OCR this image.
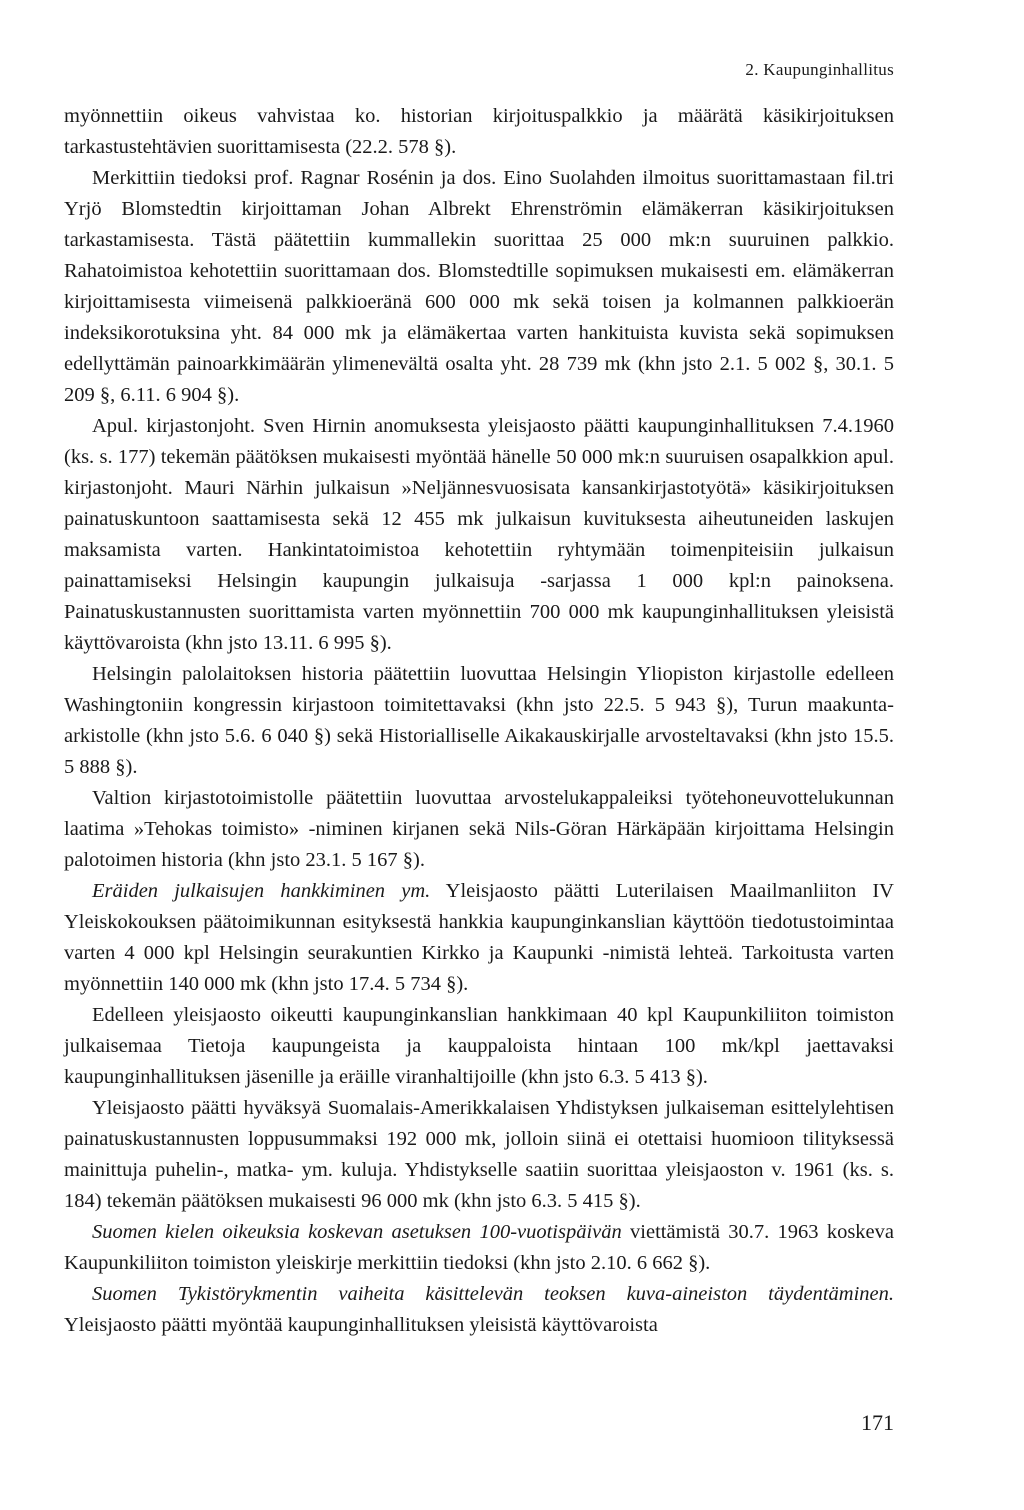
2. Kaupunginhallitus

myönnettiin oikeus vahvistaa ko. historian kirjoituspalkkio ja määrätä käsikirjoituksen tarkastustehtävien suorittamisesta (22.2. 578 §).

Merkittiin tiedoksi prof. Ragnar Rosénin ja dos. Eino Suolahden ilmoitus suorittamastaan fil.tri Yrjö Blomstedtin kirjoittaman Johan Albrekt Ehrenströmin elämäkerran käsikirjoituksen tarkastamisesta. Tästä päätettiin kummallekin suorittaa 25 000 mk:n suuruinen palkkio. Rahatoimistoa kehotettiin suorittamaan dos. Blomstedtille sopimuksen mukaisesti em. elämäkerran kirjoittamisesta viimeisenä palkkioeränä 600 000 mk sekä toisen ja kolmannen palkkioerän indeksikorotuksina yht. 84 000 mk ja elämäkertaa varten hankituista kuvista sekä sopimuksen edellyttämän painoarkkimäärän ylimenevältä osalta yht. 28 739 mk (khn jsto 2.1. 5 002 §, 30.1. 5 209 §, 6.11. 6 904 §).

Apul. kirjastonjoht. Sven Hirnin anomuksesta yleisjaosto päätti kaupunginhallituksen 7.4.1960 (ks. s. 177) tekemän päätöksen mukaisesti myöntää hänelle 50 000 mk:n suuruisen osapalkkion apul. kirjastonjoht. Mauri Närhin julkaisun »Neljännesvuosisata kansankirjastotyötä» käsikirjoituksen painatuskuntoon saattamisesta sekä 12 455 mk julkaisun kuvituksesta aiheutuneiden laskujen maksamista varten. Hankintatoimistoa kehotettiin ryhtymään toimenpiteisiin julkaisun painattamiseksi Helsingin kaupungin julkaisuja -sarjassa 1 000 kpl:n painoksena. Painatuskustannusten suorittamista varten myönnettiin 700 000 mk kaupunginhallituksen yleisistä käyttövaroista (khn jsto 13.11. 6 995 §).

Helsingin palolaitoksen historia päätettiin luovuttaa Helsingin Yliopiston kirjastolle edelleen Washingtoniin kongressin kirjastoon toimitettavaksi (khn jsto 22.5. 5 943 §), Turun maakunta-arkistolle (khn jsto 5.6. 6 040 §) sekä Historialliselle Aikakauskirjalle arvosteltavaksi (khn jsto 15.5. 5 888 §).

Valtion kirjastotoimistolle päätettiin luovuttaa arvostelukappaleiksi työtehoneuvottelukunnan laatima »Tehokas toimisto» -niminen kirjanen sekä Nils-Göran Härkäpään kirjoittama Helsingin palotoimen historia (khn jsto 23.1. 5 167 §).

Eräiden julkaisujen hankkiminen ym. Yleisjaosto päätti Luterilaisen Maailmanliiton IV Yleiskokouksen päätoimikunnan esityksestä hankkia kaupunginkanslian käyttöön tiedotustoimintaa varten 4 000 kpl Helsingin seurakuntien Kirkko ja Kaupunki -nimistä lehteä. Tarkoitusta varten myönnettiin 140 000 mk (khn jsto 17.4. 5 734 §).

Edelleen yleisjaosto oikeutti kaupunginkanslian hankkimaan 40 kpl Kaupunkiliiton toimiston julkaisemaa Tietoja kaupungeista ja kauppaloista hintaan 100 mk/kpl jaettavaksi kaupunginhallituksen jäsenille ja eräille viranhaltijoille (khn jsto 6.3. 5 413 §).

Yleisjaosto päätti hyväksyä Suomalais-Amerikkalaisen Yhdistyksen julkaiseman esittelylehtisen painatuskustannusten loppusummaksi 192 000 mk, jolloin siinä ei otettaisi huomioon tilityksessä mainittuja puhelin-, matka- ym. kuluja. Yhdistykselle saatiin suorittaa yleisjaoston v. 1961 (ks. s. 184) tekemän päätöksen mukaisesti 96 000 mk (khn jsto 6.3. 5 415 §).

Suomen kielen oikeuksia koskevan asetuksen 100-vuotispäivän viettämistä 30.7. 1963 koskeva Kaupunkiliiton toimiston yleiskirje merkittiin tiedoksi (khn jsto 2.10. 6 662 §).

Suomen Tykistörykmentin vaiheita käsittelevän teoksen kuva-aineiston täydentäminen. Yleisjaosto päätti myöntää kaupunginhallituksen yleisistä käyttövaroista

171
